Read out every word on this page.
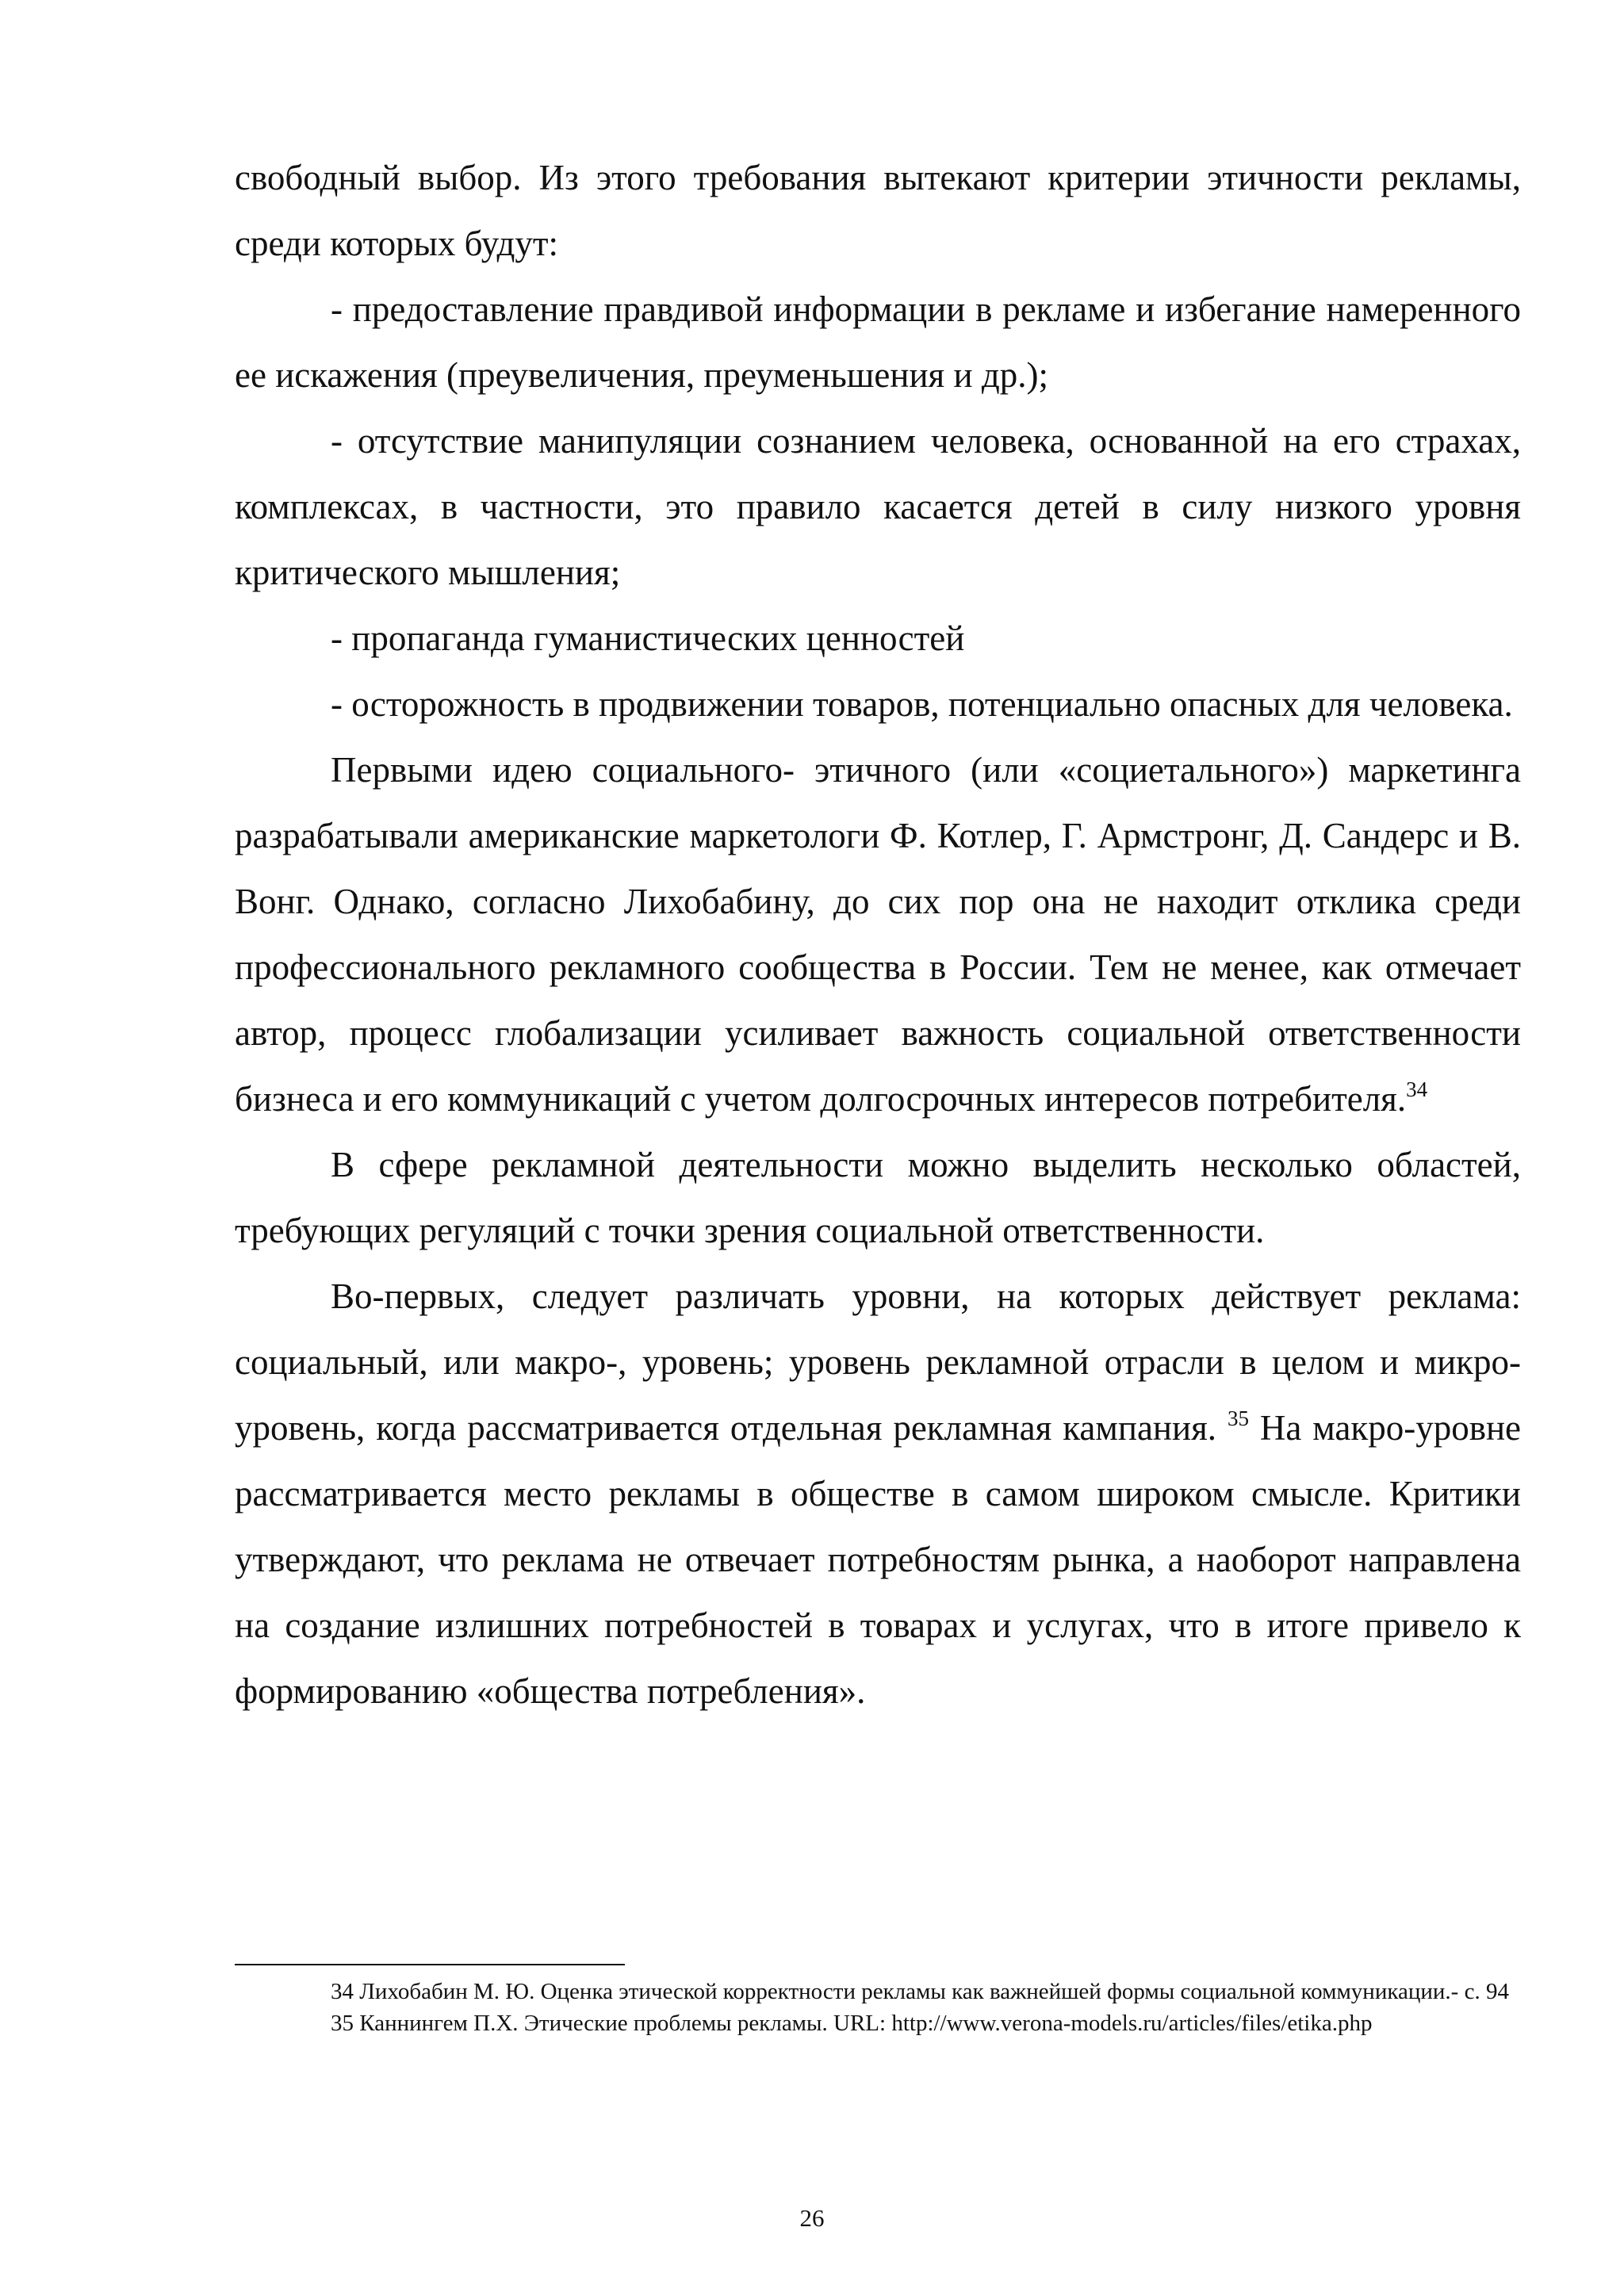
свободный выбор. Из этого требования вытекают критерии этичности рекламы, среди которых будут:

- предоставление правдивой информации в рекламе и избегание намеренного ее искажения (преувеличения, преуменьшения и др.);

- отсутствие манипуляции сознанием человека, основанной на его страхах, комплексах, в частности, это правило касается детей в силу низкого уровня критического мышления;

- пропаганда гуманистических ценностей

- осторожность в продвижении товаров, потенциально опасных для человека.

Первыми идею социального- этичного (или «социетального») маркетинга разрабатывали американские маркетологи Ф. Котлер, Г. Армстронг, Д. Сандерс и В. Вонг. Однако, согласно Лихобабину, до сих пор она не находит отклика среди профессионального рекламного сообщества в России. Тем не менее, как отмечает автор, процесс глобализации усиливает важность социальной ответственности бизнеса и его коммуникаций с учетом долгосрочных интересов потребителя.$^{34}$

В сфере рекламной деятельности можно выделить несколько областей, требующих регуляций с точки зрения социальной ответственности.

Во-первых, следует различать уровни, на которых действует реклама: социальный, или макро-, уровень; уровень рекламной отрасли в целом и микро-уровень, когда рассматривается отдельная рекламная кампания. $^{35}$ На макро-уровне рассматривается место рекламы в обществе в самом широком смысле. Критики утверждают, что реклама не отвечает потребностям рынка, а наоборот направлена на создание излишних потребностей в товарах и услугах, что в итоге привело к формированию «общества потребления».

34 Лихобабин М. Ю. Оценка этической корректности рекламы как важнейшей формы социальной коммуникации.- с. 94

35 Каннингем П.Х. Этические проблемы рекламы. URL: http://www.verona-models.ru/articles/files/etika.php

26
